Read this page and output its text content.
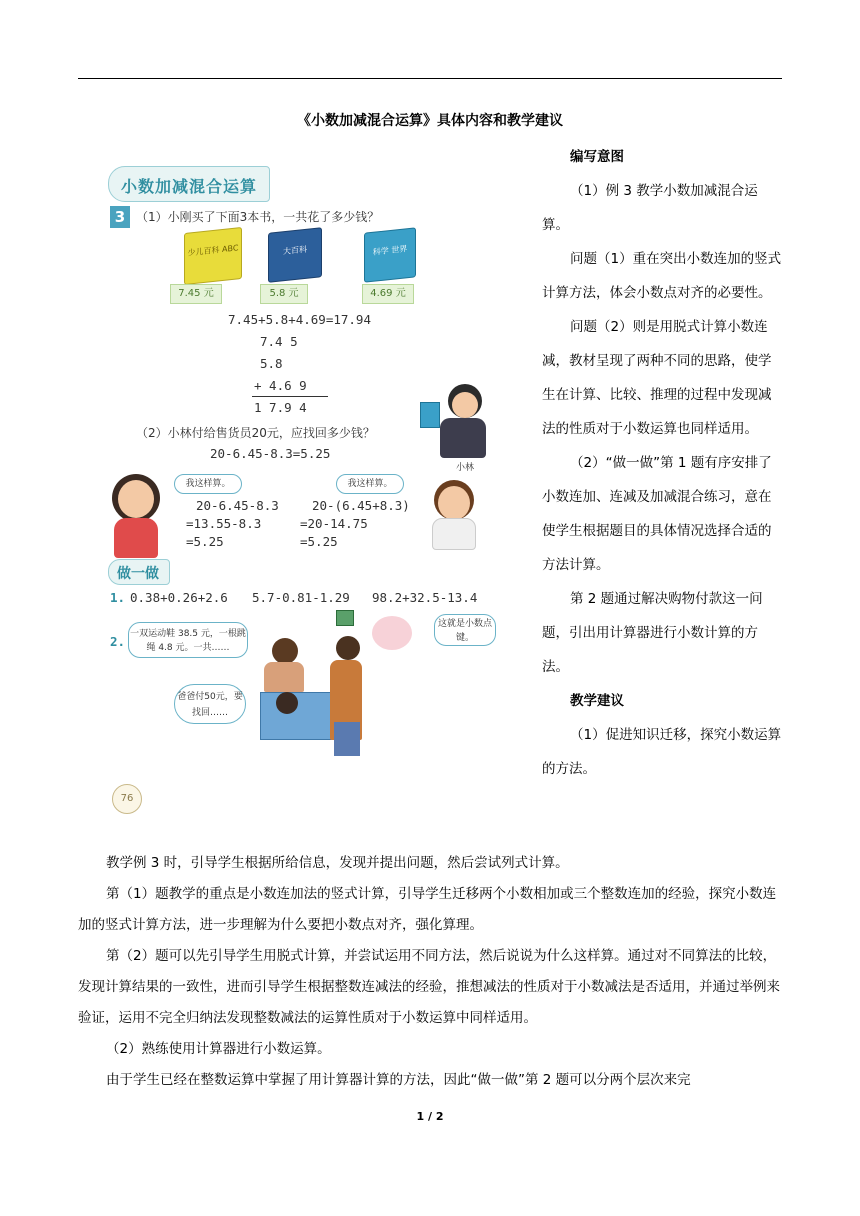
《小数加减混合运算》具体内容和教学建议
小数加减混合运算
3 （1）小刚买了下面3本书，一共花了多少钱？
少儿百科 ABC	大百科	科学 世界
7.45 元	5.8 元	4.69 元
7.45+5.8+4.69=17.94
7.4 5
5.8
+ 4.6 9
1 7.9 4
小林
（2）小林付给售货员20元，应找回多少钱？
20-6.45-8.3=5.25
我这样算。
20-6.45-8.3
=13.55-8.3
=5.25
我这样算。
20-(6.45+8.3)
=20-14.75
=5.25
做一做
1. 0.38+0.26+2.6 5.7-0.81-1.29 98.2+32.5-13.4
2. 一双运动鞋 38.5 元，一根跳绳 4.8 元。一共……
这就是小数点键。
爸爸付50元，要找回……
76

编写意图

（1）例 3 教学小数加减混合运算。

问题（1）重在突出小数连加的竖式计算方法，体会小数点对齐的必要性。

问题（2）则是用脱式计算小数连减，教材呈现了两种不同的思路，使学生在计算、比较、推理的过程中发现减法的性质对于小数运算也同样适用。

（2）“做一做”第 1 题有序安排了小数连加、连减及加减混合练习，意在使学生根据题目的具体情况选择合适的方法计算。

第 2 题通过解决购物付款这一问题，引出用计算器进行小数计算的方法。

教学建议

（1）促进知识迁移，探究小数运算的方法。

教学例 3 时，引导学生根据所给信息，发现并提出问题，然后尝试列式计算。

第（1）题教学的重点是小数连加法的竖式计算，引导学生迁移两个小数相加或三个整数连加的经验，探究小数连加的竖式计算方法，进一步理解为什么要把小数点对齐，强化算理。

第（2）题可以先引导学生用脱式计算，并尝试运用不同方法，然后说说为什么这样算。通过对不同算法的比较，发现计算结果的一致性，进而引导学生根据整数连减法的经验，推想减法的性质对于小数减法是否适用，并通过举例来验证，运用不完全归纳法发现整数减法的运算性质对于小数运算中同样适用。

（2）熟练使用计算器进行小数运算。

由于学生已经在整数运算中掌握了用计算器计算的方法，因此“做一做”第 2 题可以分两个层次来完

1 / 2
